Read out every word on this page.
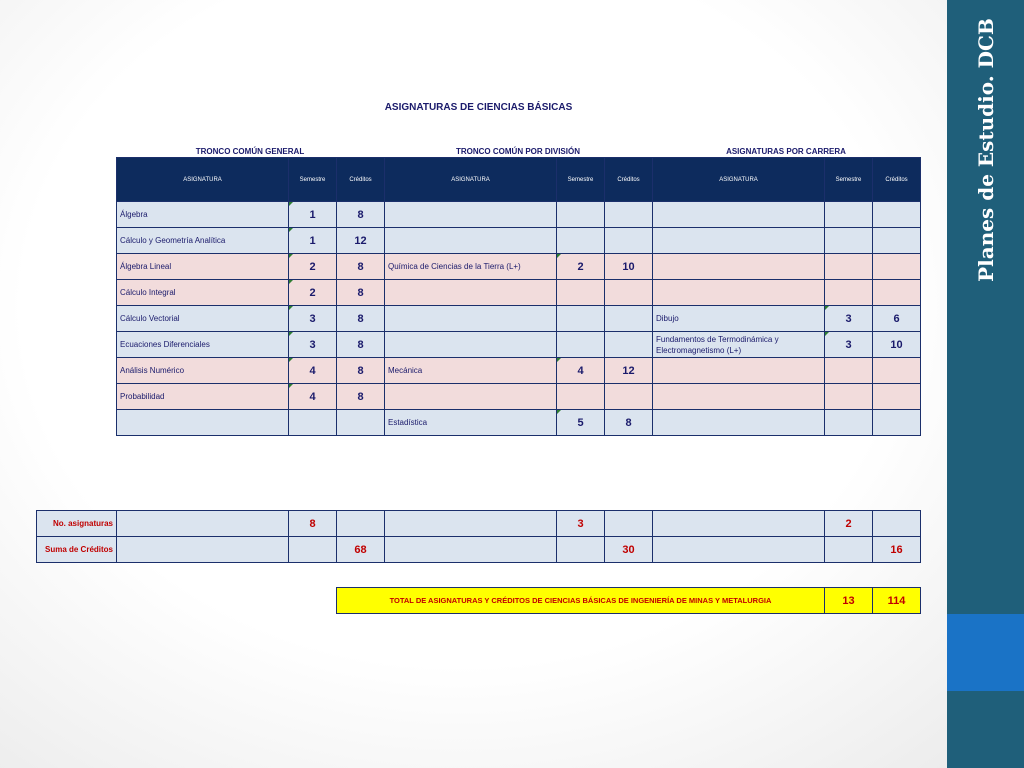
Planes de Estudio. DCB
ASIGNATURAS DE CIENCIAS BÁSICAS
TRONCO COMÚN GENERAL	TRONCO COMÚN POR DIVISIÓN	ASIGNATURAS POR CARRERA
ASIGNATURA	Semestre	Créditos	ASIGNATURA	Semestre	Créditos	ASIGNATURA	Semestre	Créditos
Álgebra	1	8						
Cálculo y Geometría Analítica	1	12						
Álgebra Lineal	2	8	Química de Ciencias de la Tierra (L+)	2	10			
Cálculo Integral	2	8						
Cálculo Vectorial	3	8				Dibujo	3	6
Ecuaciones Diferenciales	3	8				Fundamentos de Termodinámica y Electromagnetismo (L+)	3	10
Análisis Numérico	4	8	Mecánica	4	12			
Probabilidad	4	8						
			Estadística	5	8			
No. asignaturas		8			3			2	
Suma de Créditos			68			30			16
TOTAL DE ASIGNATURAS Y CRÉDITOS DE CIENCIAS BÁSICAS DE INGENIERÍA DE MINAS Y METALURGIA	13	114
